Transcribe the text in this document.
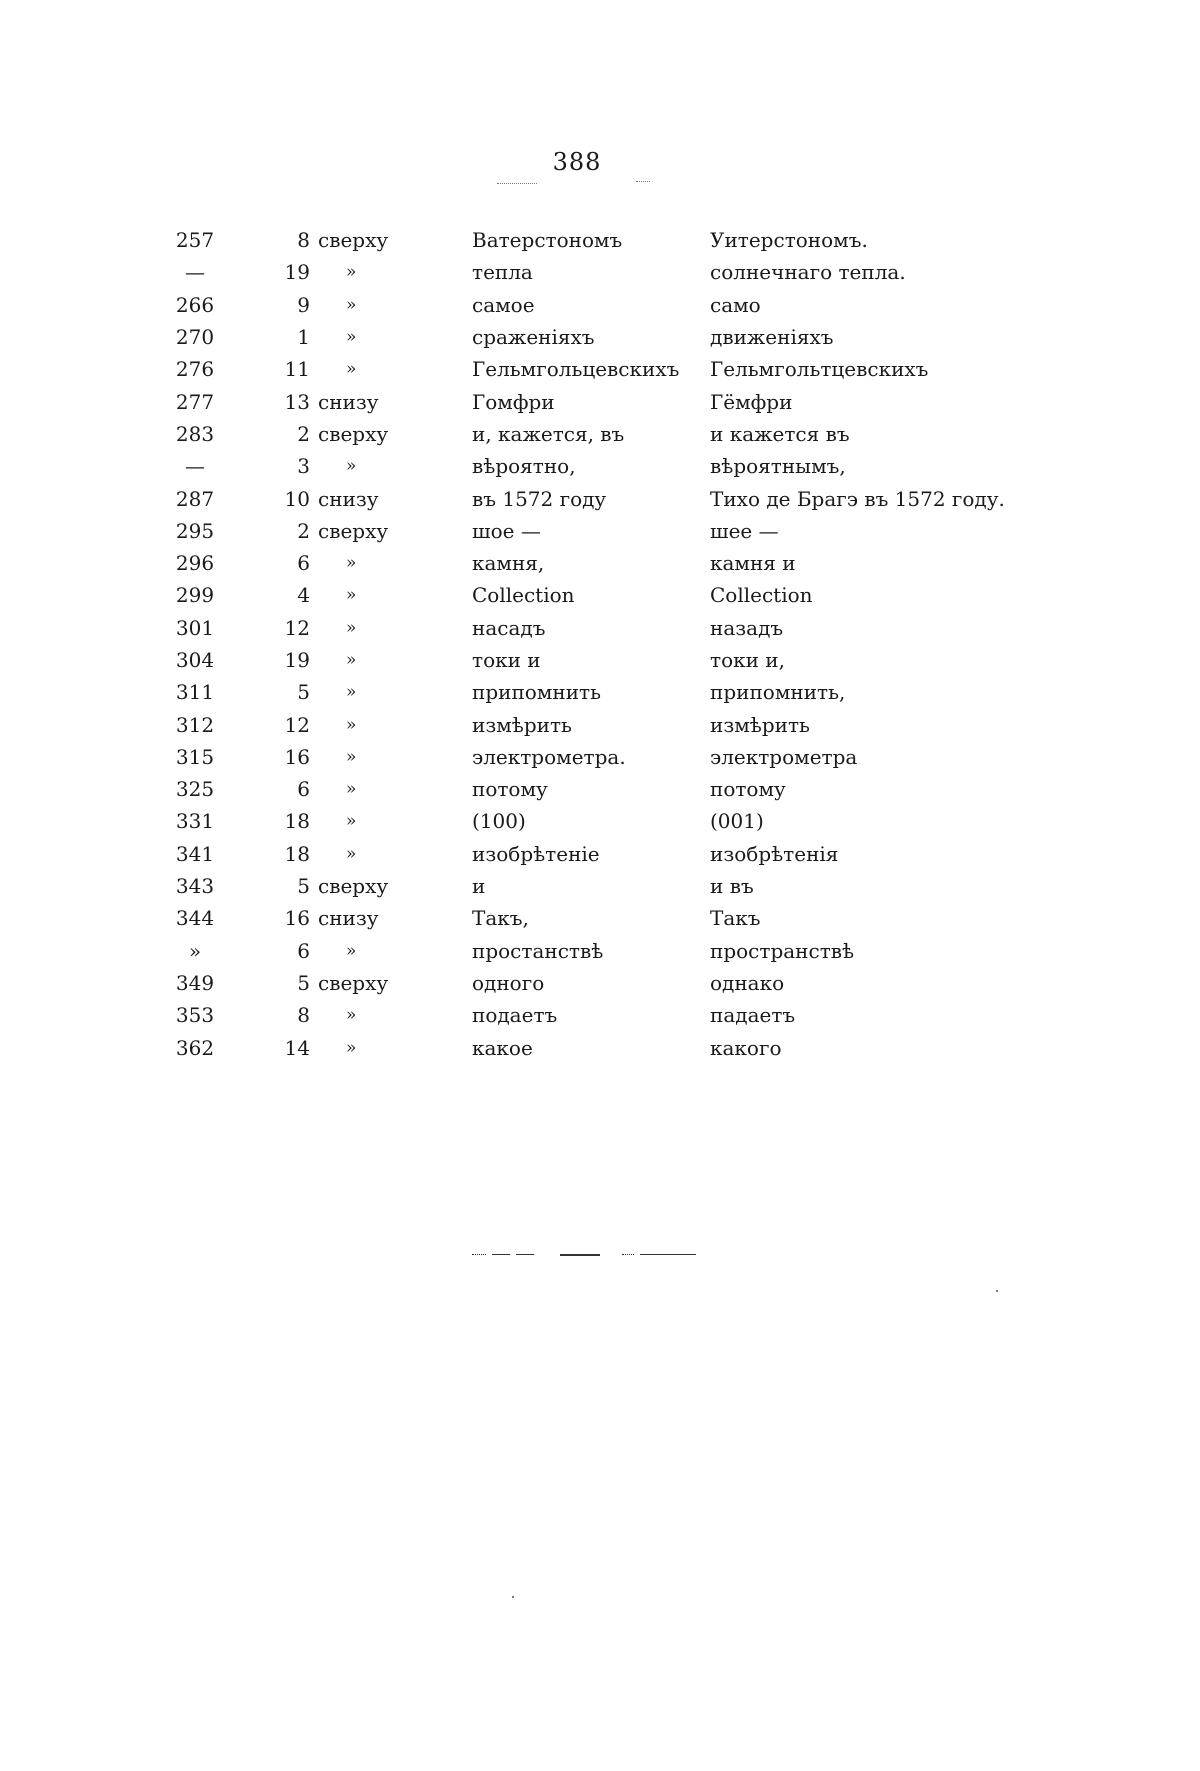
388
257	8	сверху	Ватерстономъ	Уитерстономъ.
—	19	»	тепла	солнечнаго тепла.
266	9	»	самое	само
270	1	»	сраженіяхъ	движеніяхъ
276	11	»	Гельмгольцевскихъ	Гельмгольтцевскихъ
277	13	снизу	Гомфри	Гёмфри
283	2	сверху	и, кажется, въ	и кажется въ
—	3	»	вѣроятно,	вѣроятнымъ,
287	10	снизу	въ 1572 году	Тихо де Брагэ въ 1572 году.
295	2	сверху	шое —	шее —
296	6	»	камня,	камня и
299	4	»	Collection	Collection
301	12	»	насадъ	назадъ
304	19	»	токи и	токи и,
311	5	»	припомнить	припомнить,
312	12	»	измѣрить	измѣрить
315	16	»	электрометра.	электрометра
325	6	»	потому	потому
331	18	»	(100)	(001)
341	18	»	изобрѣтеніе	изобрѣтенія
343	5	сверху	и	и въ
344	16	снизу	Такъ,	Такъ
»	6	»	простанствѣ	пространствѣ
349	5	сверху	одного	однако
353	8	»	подаетъ	падаетъ
362	14	»	какое	какого
